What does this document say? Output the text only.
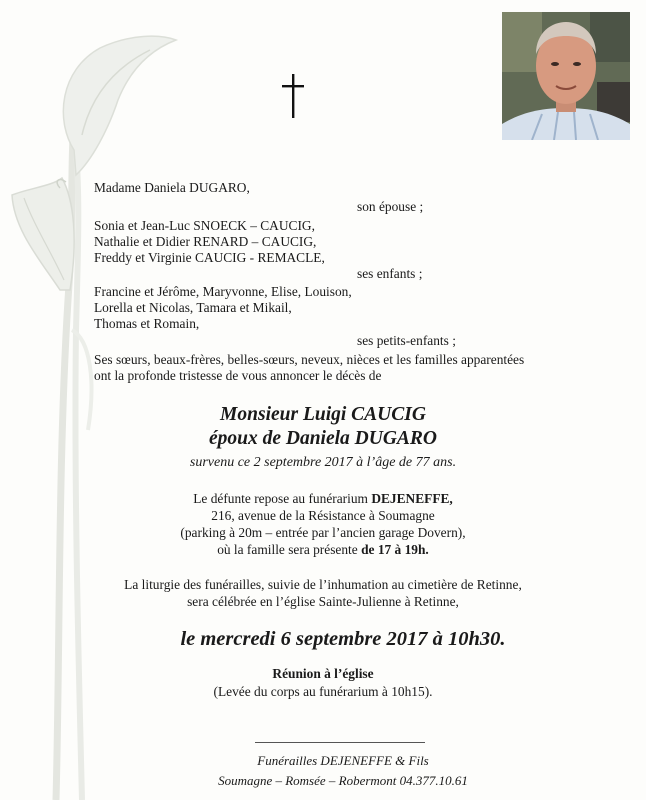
Madame Daniela DUGARO,
son épouse ;
Sonia et Jean-Luc SNOECK – CAUCIG,
Nathalie et Didier RENARD – CAUCIG,
Freddy et Virginie CAUCIG - REMACLE,
ses enfants ;
Francine et Jérôme, Maryvonne, Elise, Louison,
Lorella et Nicolas, Tamara et Mikail,
Thomas et Romain,
ses petits-enfants ;
Ses sœurs, beaux-frères, belles-sœurs, neveux, nièces et les familles apparentées
ont la profonde tristesse de vous annoncer le décès de
Monsieur Luigi CAUCIG
époux de Daniela DUGARO
survenu ce 2 septembre 2017 à l’âge de 77 ans.
Le défunte repose au funérarium DEJENEFFE,
216, avenue de la Résistance à Soumagne
(parking à 20m – entrée par l’ancien garage Dovern),
où la famille sera présente de 17 à 19h.
La liturgie des funérailles, suivie de l’inhumation au cimetière de Retinne,
sera célébrée en l’église Sainte-Julienne à Retinne,
le mercredi 6 septembre 2017 à 10h30.
Réunion à l’église
(Levée du corps au funérarium à 10h15).
Funérailles DEJENEFFE & Fils
Soumagne – Romsée – Robermont 04.377.10.61
